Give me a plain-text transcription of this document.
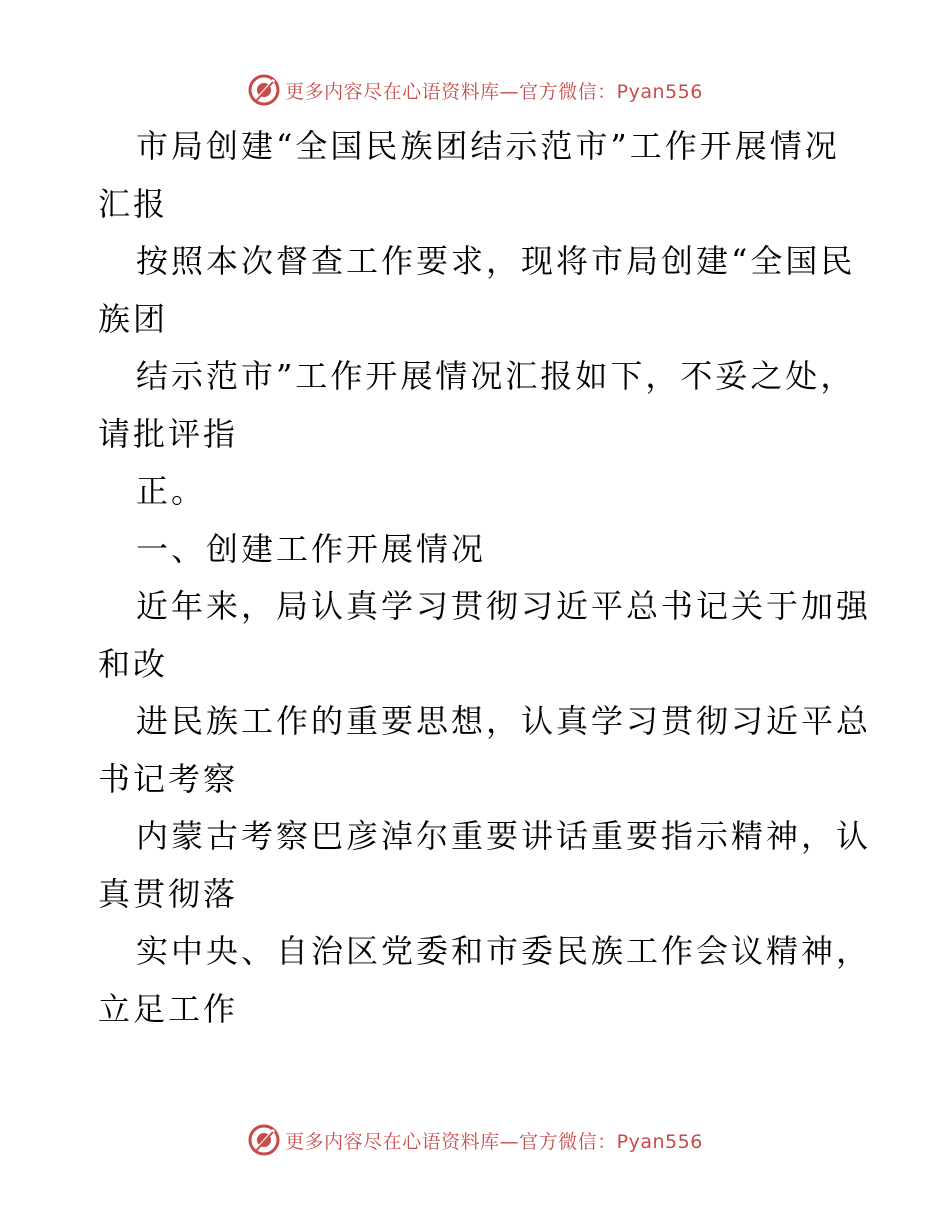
更多内容尽在心语资料库—官方微信：Pyan556
市局创建“全国民族团结示范市”工作开展情况
汇报
按照本次督查工作要求，现将市局创建“全国民
族团
结示范市”工作开展情况汇报如下，不妥之处，
请批评指
正。
一、创建工作开展情况
近年来，局认真学习贯彻习近平总书记关于加强
和改
进民族工作的重要思想，认真学习贯彻习近平总
书记考察
内蒙古考察巴彦淖尔重要讲话重要指示精神，认
真贯彻落
实中央、自治区党委和市委民族工作会议精神，
立足工作
更多内容尽在心语资料库—官方微信：Pyan556
